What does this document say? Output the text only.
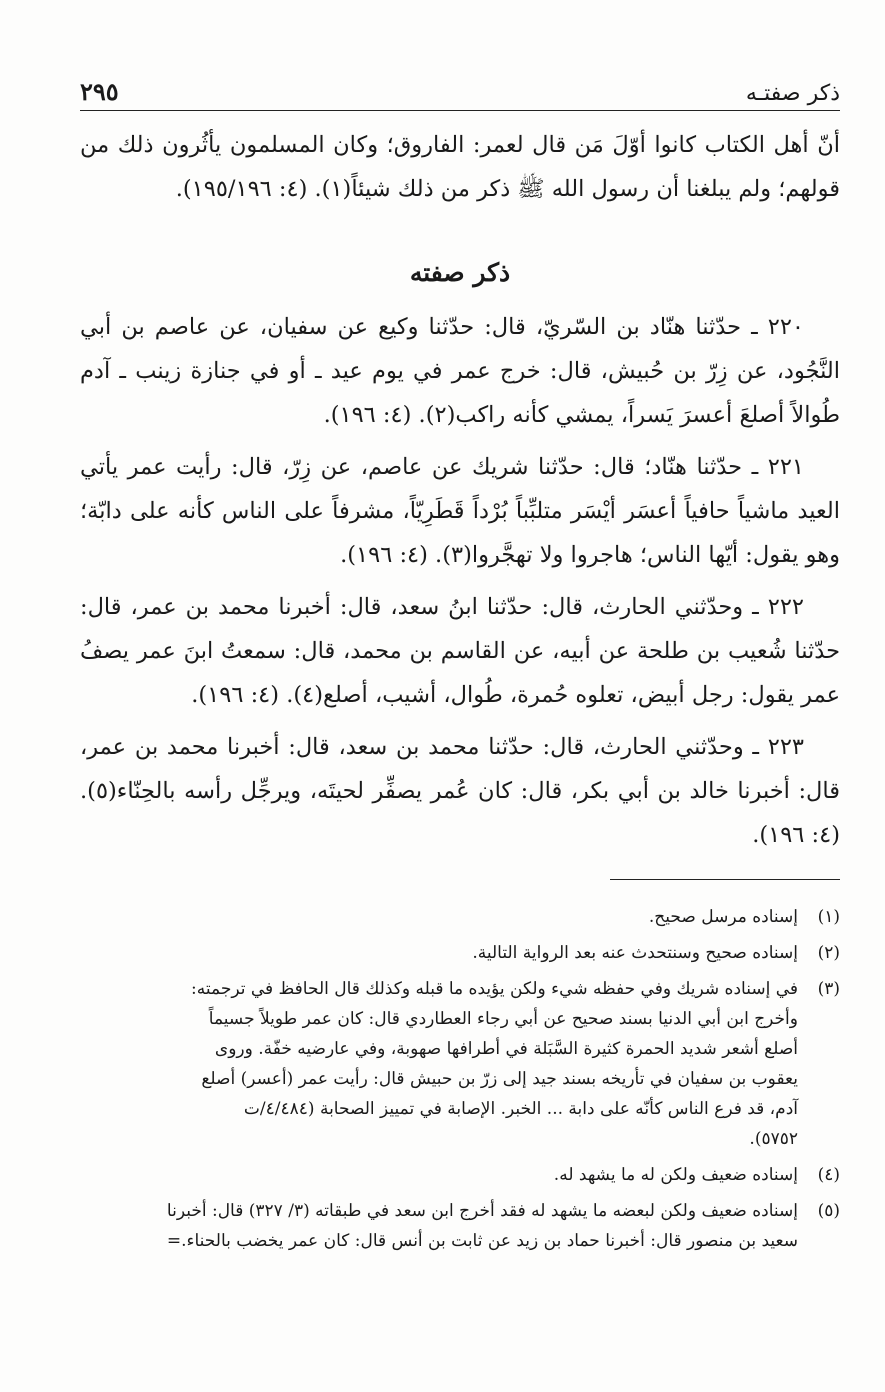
ذكر صفتـه
٢٩٥

أنّ أهل الكتاب كانوا أوّلَ مَن قال لعمر: الفاروق؛ وكان المسلمون يأثُرون ذلك من قولهم؛ ولم يبلغنا أن رسول الله ﷺ ذكر من ذلك شيئاً(١). (٤: ١٩٥/١٩٦).

ذكر صفته

٢٢٠ ـ حدّثنا هنّاد بن السّريّ، قال: حدّثنا وكيع عن سفيان، عن عاصم بن أبي النَّجُود، عن زِرّ بن حُبيش، قال: خرج عمر في يوم عيد ـ أو في جنازة زينب ـ آدم طُوالاً أصلعَ أعسرَ يَسراً، يمشي كأنه راكب(٢). (٤: ١٩٦).

٢٢١ ـ حدّثنا هنّاد؛ قال: حدّثنا شريك عن عاصم، عن زِرّ، قال: رأيت عمر يأتي العيد ماشياً حافياً أعسَر أيْسَر متلبِّباً بُرْداً قَطَرِيّاً، مشرفاً على الناس كأنه على دابّة؛ وهو يقول: أيّها الناس؛ هاجروا ولا تهجَّروا(٣). (٤: ١٩٦).

٢٢٢ ـ وحدّثني الحارث، قال: حدّثنا ابنُ سعد، قال: أخبرنا محمد بن عمر، قال: حدّثنا شُعيب بن طلحة عن أبيه، عن القاسم بن محمد، قال: سمعتُ ابنَ عمر يصفُ عمر يقول: رجل أبيض، تعلوه حُمرة، طُوال، أشيب، أصلع(٤). (٤: ١٩٦).

٢٢٣ ـ وحدّثني الحارث، قال: حدّثنا محمد بن سعد، قال: أخبرنا محمد بن عمر، قال: أخبرنا خالد بن أبي بكر، قال: كان عُمر يصفِّر لحيتَه، ويرجِّل رأسه بالحِنّاء(٥). (٤: ١٩٦).

(١)
إسناده مرسل صحيح.
(٢)
إسناده صحيح وسنتحدث عنه بعد الرواية التالية.
(٣)
في إسناده شريك وفي حفظه شيء ولكن يؤيده ما قبله وكذلك قال الحافظ في ترجمته:
وأخرج ابن أبي الدنيا بسند صحيح عن أبي رجاء العطاردي قال: كان عمر طويلاً جسيماً
أصلع أشعر شديد الحمرة كثيرة السَّبَلة في أطرافها صهوبة، وفي عارضيه خفّة. وروى
يعقوب بن سفيان في تأريخه بسند جيد إلى زرّ بن حبيش قال: رأيت عمر (أعسر) أصلع
آدم، قد فرع الناس كأنّه على دابة ... الخبر. الإصابة في تمييز الصحابة (٤/٤٨٤/ت
٥٧٥٢).
(٤)
إسناده ضعيف ولكن له ما يشهد له.
(٥)
إسناده ضعيف ولكن لبعضه ما يشهد له فقد أخرج ابن سعد في طبقاته (٣/ ٣٢٧) قال: أخبرنا
سعيد بن منصور قال: أخبرنا حماد بن زيد عن ثابت بن أنس قال: كان عمر يخضب بالحناء.=
